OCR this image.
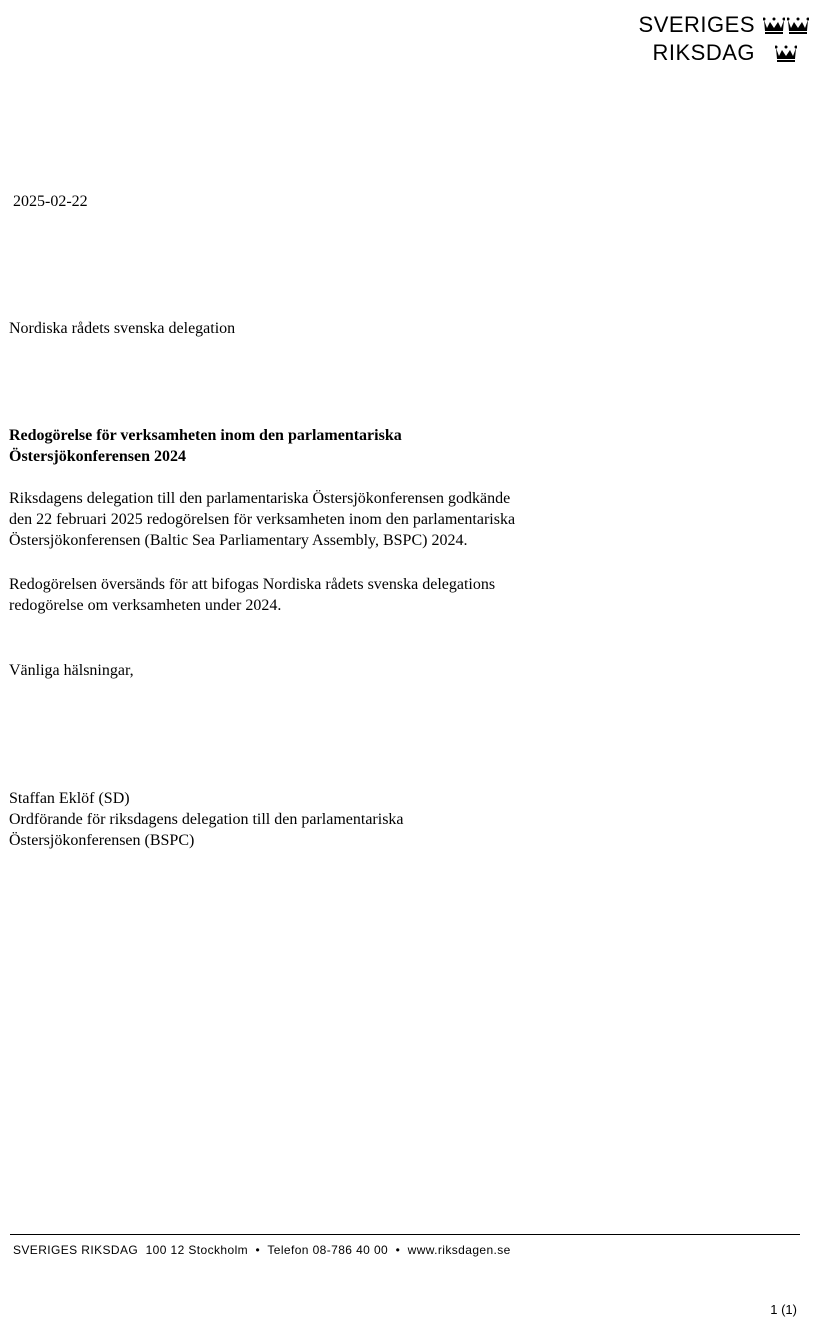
SVERIGES
RIKSDAG
2025-02-22
Nordiska rådets svenska delegation
Redogörelse för verksamheten inom den parlamentariska
Östersjökonferensen 2024
Riksdagens delegation till den parlamentariska Östersjökonferensen godkände
den 22 februari 2025 redogörelsen för verksamheten inom den parlamentariska
Östersjökonferensen (Baltic Sea Parliamentary Assembly, BSPC) 2024.
Redogörelsen översänds för att bifogas Nordiska rådets svenska delegations
redogörelse om verksamheten under 2024.
Vänliga hälsningar,
Staffan Eklöf (SD)
Ordförande för riksdagens delegation till den parlamentariska
Östersjökonferensen (BSPC)
SVERIGES RIKSDAG  100 12 Stockholm  •  Telefon 08-786 40 00  •  www.riksdagen.se
1 (1)
